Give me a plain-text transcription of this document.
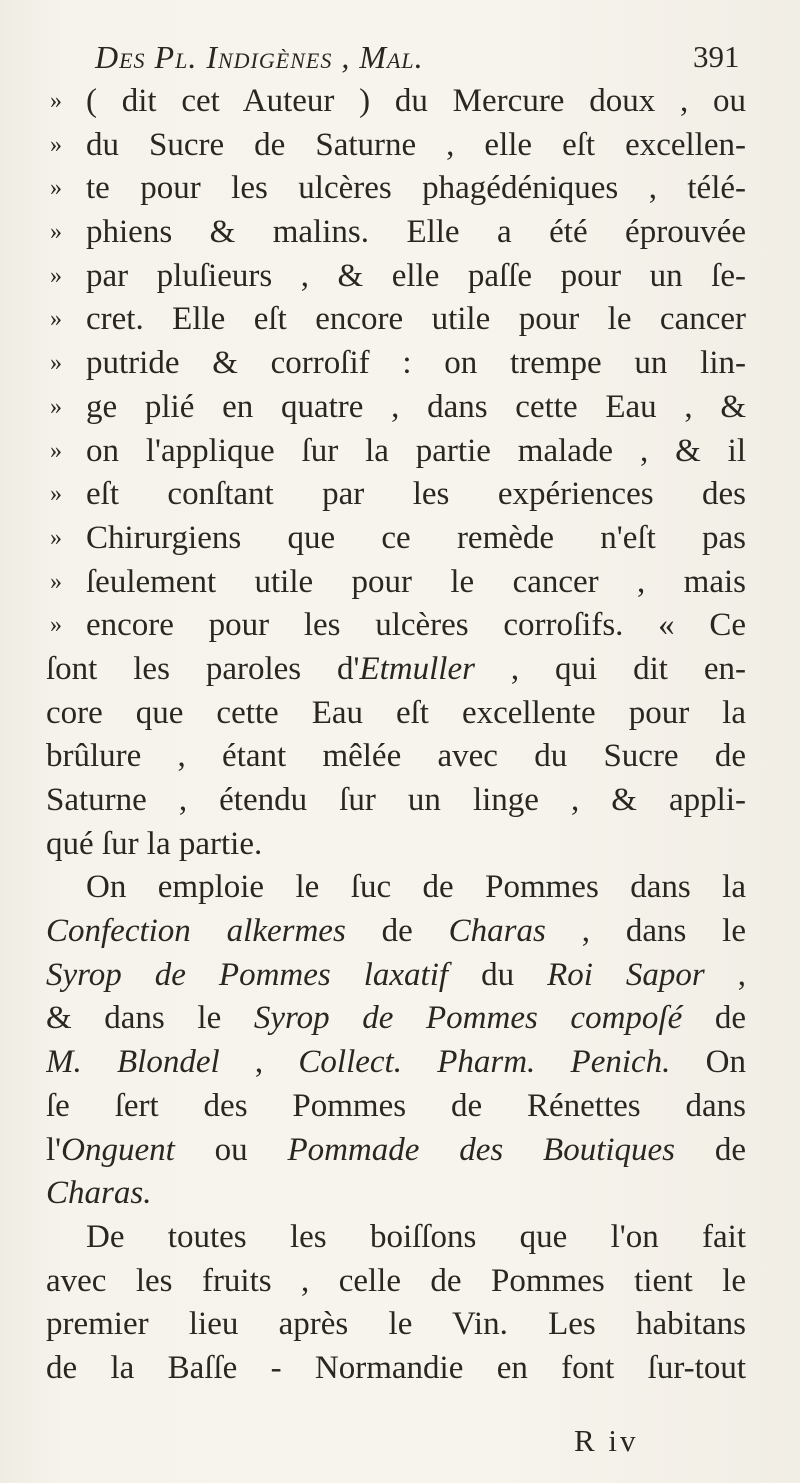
Des Pl. Indigènes , Mal.	391
» ( dit cet Auteur ) du Mercure doux , ou
» du Sucre de Saturne , elle eſt excellen-
» te pour les ulcères phagédéniques , télé-
» phiens & malins. Elle a été éprouvée
» par pluſieurs , & elle paſſe pour un ſe-
» cret. Elle eſt encore utile pour le cancer
» putride & corroſif : on trempe un lin-
» ge plié en quatre , dans cette Eau , &
» on l'applique ſur la partie malade , & il
» eſt conſtant par les expériences des
» Chirurgiens que ce remède n'eſt pas
» ſeulement utile pour le cancer , mais
» encore pour les ulcères corroſifs. « Ce
ſont les paroles d'Etmuller , qui dit en-
core que cette Eau eſt excellente pour la
brûlure , étant mêlée avec du Sucre de
Saturne , étendu ſur un linge , & appli-
qué ſur la partie.
On emploie le ſuc de Pommes dans la
Confection alkermes de Charas , dans le
Syrop de Pommes laxatif du Roi Sapor ,
& dans le Syrop de Pommes compoſé de
M. Blondel , Collect. Pharm. Penich. On
ſe ſert des Pommes de Rénettes dans
l'Onguent ou Pommade des Boutiques de
Charas.
De toutes les boiſſons que l'on fait
avec les fruits , celle de Pommes tient le
premier lieu après le Vin. Les habitans
de la Baſſe - Normandie en font ſur-tout
R iv
